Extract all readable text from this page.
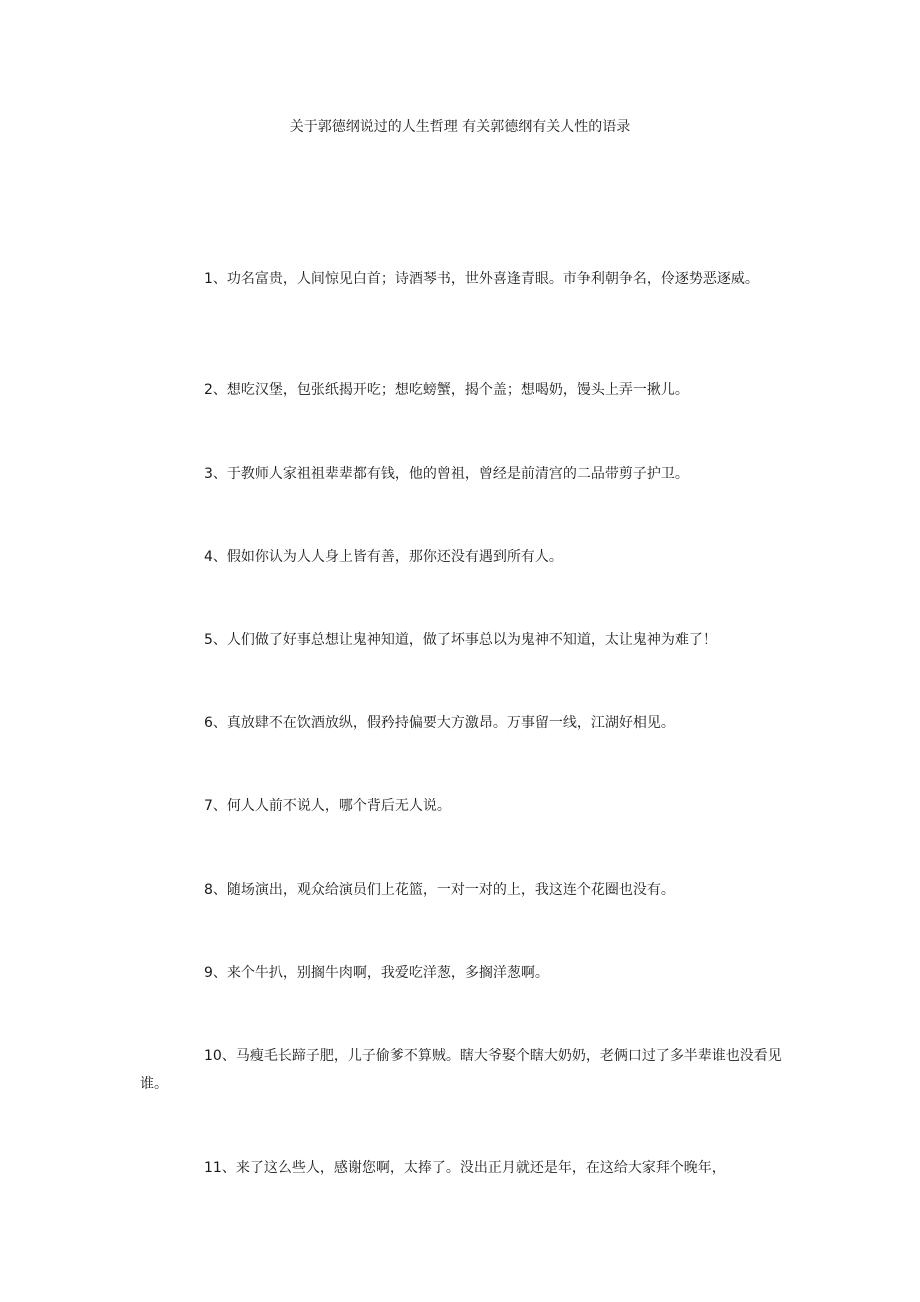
关于郭德纲说过的人生哲理 有关郭德纲有关人性的语录

1、功名富贵，人间惊见白首；诗酒琴书，世外喜逢青眼。市争利朝争名，伶逐势恶逐威。

2、想吃汉堡，包张纸揭开吃；想吃螃蟹，揭个盖；想喝奶，馒头上弄一揪儿。

3、于教师人家祖祖辈辈都有钱，他的曾祖，曾经是前清宫的二品带剪子护卫。

4、假如你认为人人身上皆有善，那你还没有遇到所有人。

5、人们做了好事总想让鬼神知道，做了坏事总以为鬼神不知道，太让鬼神为难了！

6、真放肆不在饮酒放纵，假矜持偏要大方激昂。万事留一线，江湖好相见。

7、何人人前不说人，哪个背后无人说。

8、随场演出，观众给演员们上花篮，一对一对的上，我这连个花圈也没有。

9、来个牛扒，别搁牛肉啊，我爱吃洋葱，多搁洋葱啊。

10、马瘦毛长蹄子肥，儿子偷爹不算贼。瞎大爷娶个瞎大奶奶，老俩口过了多半辈谁也没看见谁。

11、来了这么些人，感谢您啊，太捧了。没出正月就还是年，在这给大家拜个晚年，
